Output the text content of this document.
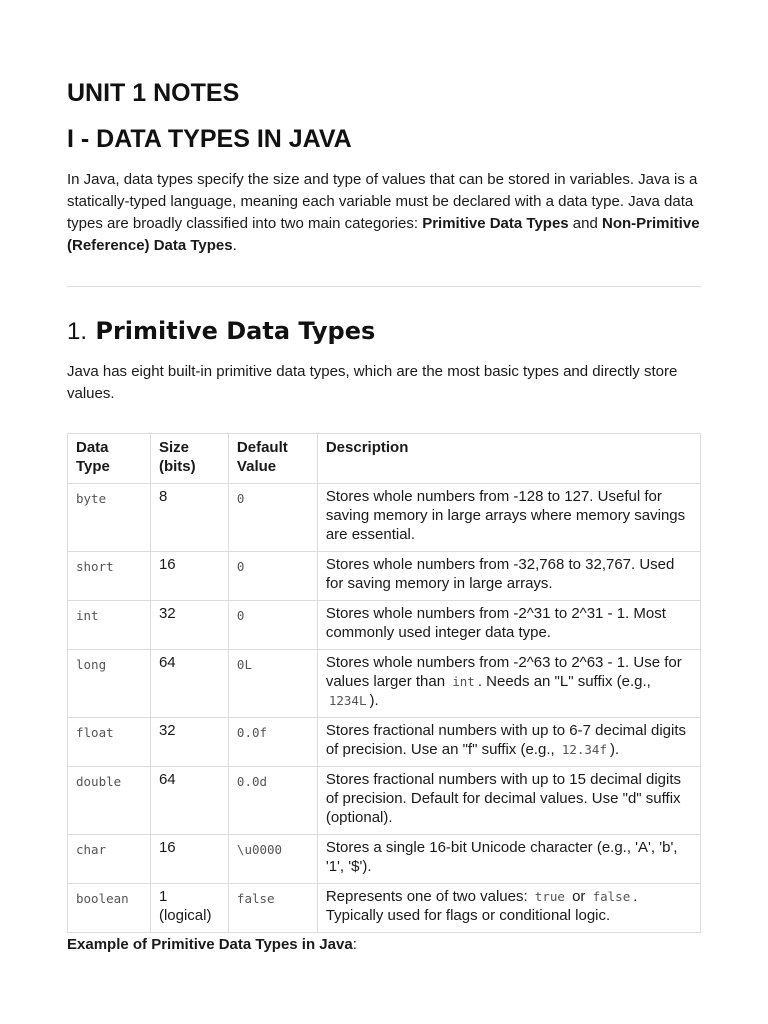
UNIT 1 NOTES
I - DATA TYPES IN JAVA

In Java, data types specify the size and type of values that can be stored in variables. Java is a statically-typed language, meaning each variable must be declared with a data type. Java data types are broadly classified into two main categories: Primitive Data Types and Non-Primitive (Reference) Data Types.

1. Primitive Data Types

Java has eight built-in primitive data types, which are the most basic types and directly store values.

Data Type	Size (bits)	Default Value	Description
byte	8	0	Stores whole numbers from -128 to 127. Useful for saving memory in large arrays where memory savings are essential.
short	16	0	Stores whole numbers from -32,768 to 32,767. Used for saving memory in large arrays.
int	32	0	Stores whole numbers from -2^31 to 2^31 - 1. Most commonly used integer data type.
long	64	0L	Stores whole numbers from -2^63 to 2^63 - 1. Use for values larger than int . Needs an "L" suffix (e.g., 1234L ).
float	32	0.0f	Stores fractional numbers with up to 6-7 decimal digits of precision. Use an "f" suffix (e.g., 12.34f ).
double	64	0.0d	Stores fractional numbers with up to 15 decimal digits of precision. Default for decimal values. Use "d" suffix (optional).
char	16	\u0000	Stores a single 16-bit Unicode character (e.g., 'A', 'b', '1', '$').
boolean	1 (logical)	false	Represents one of two values: true or false . Typically used for flags or conditional logic.

Example of Primitive Data Types in Java:
